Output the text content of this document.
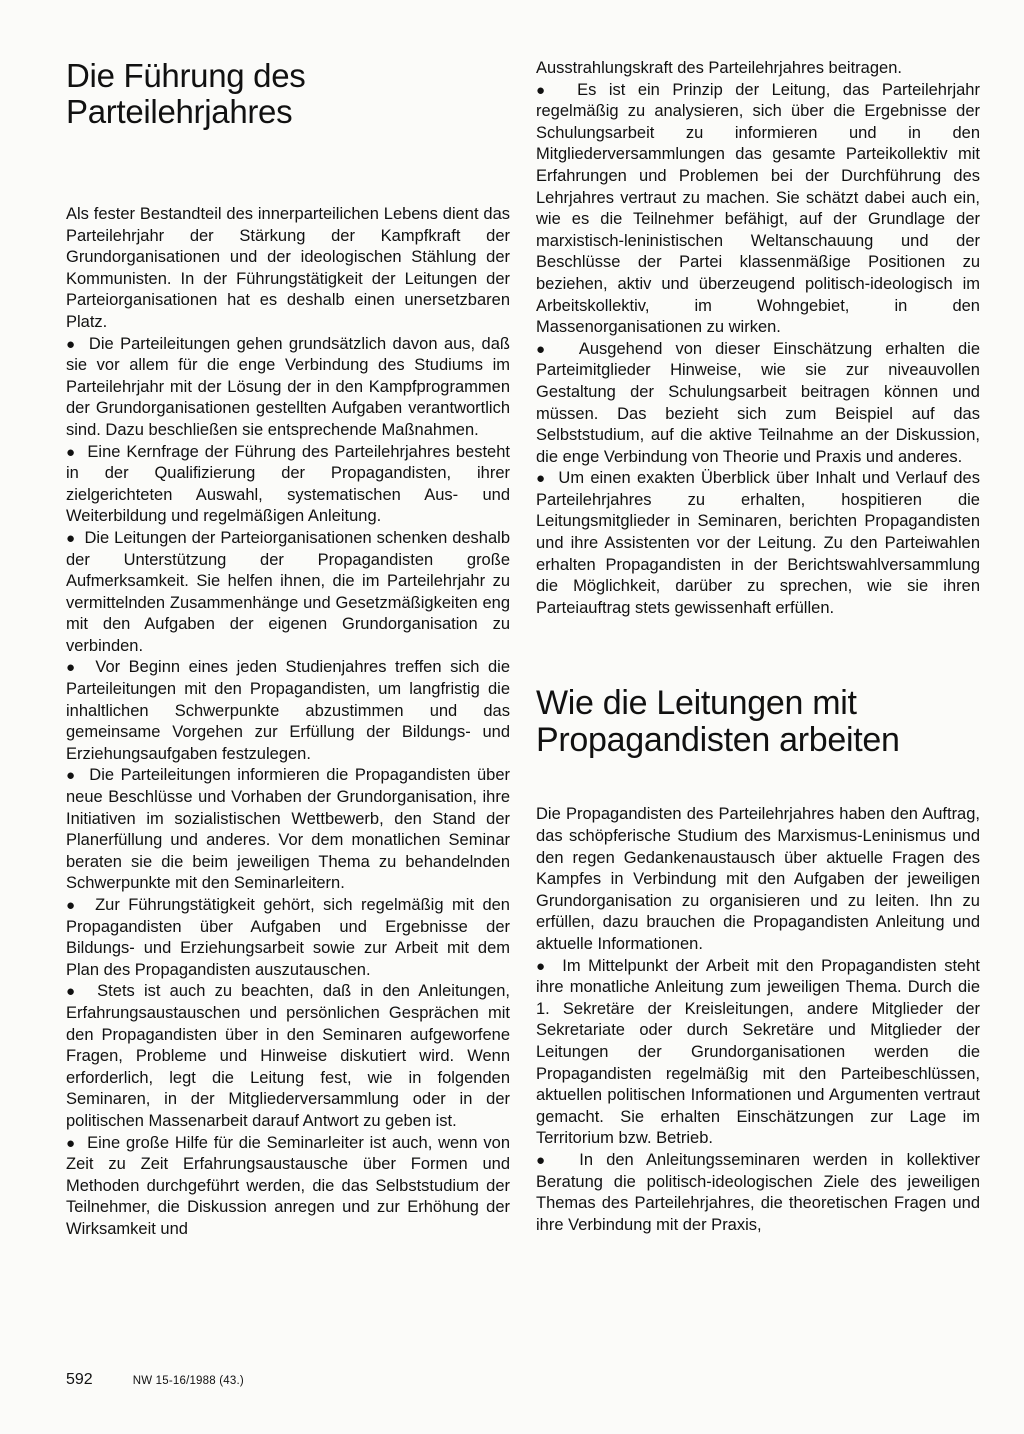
Die Führung des Parteilehrjahres

Als fester Bestandteil des innerparteilichen Lebens dient das Parteilehrjahr der Stärkung der Kampfkraft der Grundorganisationen und der ideologischen Stählung der Kommunisten. In der Führungstätigkeit der Leitungen der Parteiorganisationen hat es deshalb einen unersetzbaren Platz.

●  Die Parteileitungen gehen grundsätzlich davon aus, daß sie vor allem für die enge Verbindung des Studiums im Parteilehrjahr mit der Lösung der in den Kampfprogrammen der Grundorganisationen gestellten Aufgaben verantwortlich sind. Dazu beschließen sie entsprechende Maßnahmen.

●  Eine Kernfrage der Führung des Parteilehrjahres besteht in der Qualifizierung der Propagandisten, ihrer zielgerichteten Auswahl, systematischen Aus- und Weiterbildung und regelmäßigen Anleitung.

●  Die Leitungen der Parteiorganisationen schenken deshalb der Unterstützung der Propagandisten große Aufmerksamkeit. Sie helfen ihnen, die im Parteilehrjahr zu vermittelnden Zusammenhänge und Gesetzmäßigkeiten eng mit den Aufgaben der eigenen Grundorganisation zu verbinden.

●  Vor Beginn eines jeden Studienjahres treffen sich die Parteileitungen mit den Propagandisten, um langfristig die inhaltlichen Schwerpunkte abzustimmen und das gemeinsame Vorgehen zur Erfüllung der Bildungs- und Erziehungsaufgaben festzulegen.

●  Die Parteileitungen informieren die Propagandisten über neue Beschlüsse und Vorhaben der Grundorganisation, ihre Initiativen im sozialistischen Wettbewerb, den Stand der Planerfüllung und anderes. Vor dem monatlichen Seminar beraten sie die beim jeweiligen Thema zu behandelnden Schwerpunkte mit den Seminarleitern.

●  Zur Führungstätigkeit gehört, sich regelmäßig mit den Propagandisten über Aufgaben und Ergebnisse der Bildungs- und Erziehungsarbeit sowie zur Arbeit mit dem Plan des Propagandisten auszutauschen.

●  Stets ist auch zu beachten, daß in den Anleitungen, Erfahrungsaustauschen und persönlichen Gesprächen mit den Propagandisten über in den Seminaren aufgeworfene Fragen, Probleme und Hinweise diskutiert wird. Wenn erforderlich, legt die Leitung fest, wie in folgenden Seminaren, in der Mitgliederversammlung oder in der politischen Massenarbeit darauf Antwort zu geben ist.

●  Eine große Hilfe für die Seminarleiter ist auch, wenn von Zeit zu Zeit Erfahrungsaustausche über Formen und Methoden durchgeführt werden, die das Selbststudium der Teilnehmer, die Diskussion anregen und zur Erhöhung der Wirksamkeit und

Ausstrahlungskraft des Parteilehrjahres beitragen.

●  Es ist ein Prinzip der Leitung, das Parteilehrjahr regelmäßig zu analysieren, sich über die Ergebnisse der Schulungsarbeit zu informieren und in den Mitgliederversammlungen das gesamte Parteikollektiv mit Erfahrungen und Problemen bei der Durchführung des Lehrjahres vertraut zu machen. Sie schätzt dabei auch ein, wie es die Teilnehmer befähigt, auf der Grundlage der marxistisch-leninistischen Weltanschauung und der Beschlüsse der Partei klassenmäßige Positionen zu beziehen, aktiv und überzeugend politisch-ideologisch im Arbeitskollektiv, im Wohngebiet, in den Massenorganisationen zu wirken.

●  Ausgehend von dieser Einschätzung erhalten die Parteimitglieder Hinweise, wie sie zur niveauvollen Gestaltung der Schulungsarbeit beitragen können und müssen. Das bezieht sich zum Beispiel auf das Selbststudium, auf die aktive Teilnahme an der Diskussion, die enge Verbindung von Theorie und Praxis und anderes.

●  Um einen exakten Überblick über Inhalt und Verlauf des Parteilehrjahres zu erhalten, hospitieren die Leitungsmitglieder in Seminaren, berichten Propagandisten und ihre Assistenten vor der Leitung. Zu den Parteiwahlen erhalten Propagandisten in der Berichtswahlversammlung die Möglichkeit, darüber zu sprechen, wie sie ihren Parteiauftrag stets gewissenhaft erfüllen.

Wie die Leitungen mit Propagandisten arbeiten

Die Propagandisten des Parteilehrjahres haben den Auftrag, das schöpferische Studium des Marxismus-Leninismus und den regen Gedankenaustausch über aktuelle Fragen des Kampfes in Verbindung mit den Aufgaben der jeweiligen Grundorganisation zu organisieren und zu leiten. Ihn zu erfüllen, dazu brauchen die Propagandisten Anleitung und aktuelle Informationen.

●  Im Mittelpunkt der Arbeit mit den Propagandisten steht ihre monatliche Anleitung zum jeweiligen Thema. Durch die 1. Sekretäre der Kreisleitungen, andere Mitglieder der Sekretariate oder durch Sekretäre und Mitglieder der Leitungen der Grundorganisationen werden die Propagandisten regelmäßig mit den Parteibeschlüssen, aktuellen politischen Informationen und Argumenten vertraut gemacht. Sie erhalten Einschätzungen zur Lage im Territorium bzw. Betrieb.

●  In den Anleitungsseminaren werden in kollektiver Beratung die politisch-ideologischen Ziele des jeweiligen Themas des Parteilehrjahres, die theoretischen Fragen und ihre Verbindung mit der Praxis,

592	NW 15-16/1988 (43.)
